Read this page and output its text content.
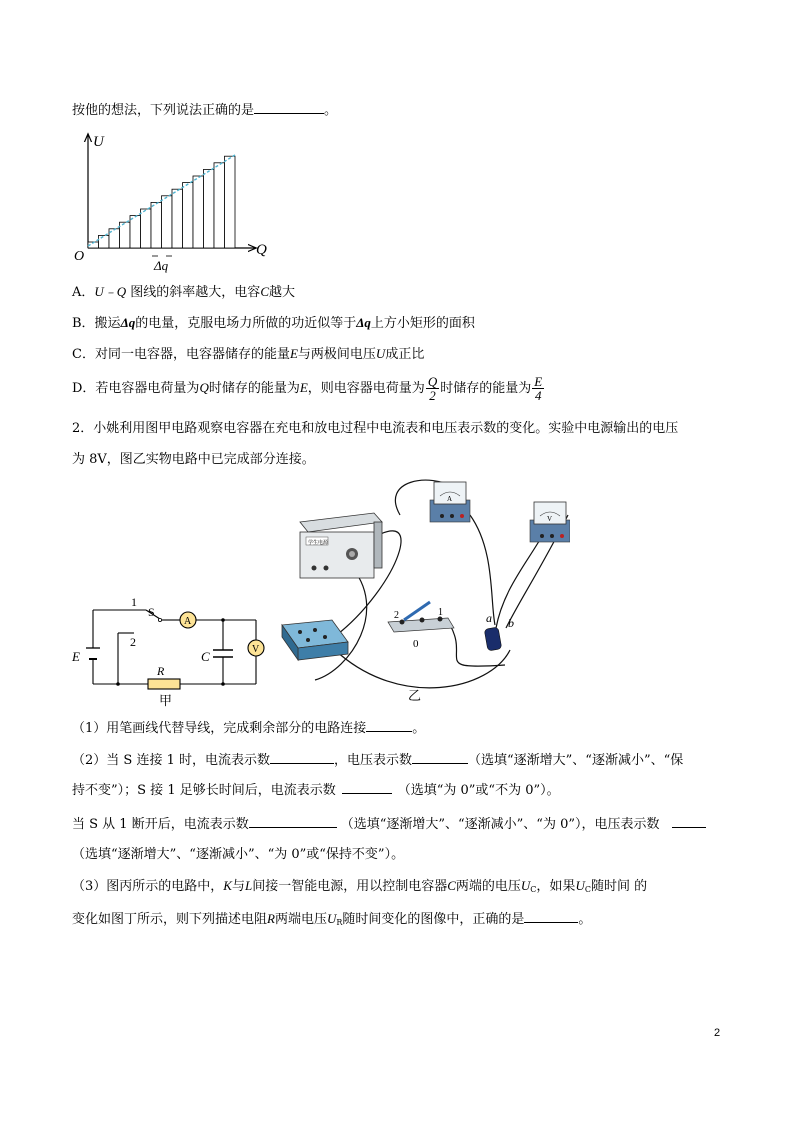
按他的想法，下列说法正确的是	。
U
Q
O
Δq
A．U﹣Q 图线的斜率越大，电容C越大
B．搬运Δq的电量，克服电场力所做的功近似等于Δq上方小矩形的面积
C．对同一电容器，电容器储存的能量E与两极间电压U成正比
D．若电容器电荷量为Q时储存的能量为E，则电容器电荷量为 $\frac{Q}{2}$ 时储存的能量为 $\frac{E}{4}$
2．小姚利用图甲电路观察电容器在充电和放电过程中电流表和电压表示数的变化。实验中电源输出的电压
为 8V，图乙实物电路中已完成部分连接。
1
S
2
A
V
E	C
R
甲
学生电源
A
V
2	1
0
a b
乙
（1）用笔画线代替导线，完成剩余部分的电路连接	。
（2）当 S 连接 1 时，电流表示数	，电压表示数	（选填“逐渐增大”、“逐渐减小”、“保
持不变”）；S 接 1 足够长时间后，电流表示数	（选填“为 0”或“不为 0”）。
当 S 从 1 断开后，电流表示数	（选填“逐渐增大”、“逐渐减小”、“为 0”），电压表示数
（选填“逐渐增大”、“逐渐减小”、“为 0”或“保持不变”）。
（3）图丙所示的电路中，K与L间接一智能电源，用以控制电容器C两端的电压$U_C$，如果$U_C$随时间 的
变化如图丁所示，则下列描述电阻R两端电压$U_R$随时间变化的图像中，正确的是	。
2
